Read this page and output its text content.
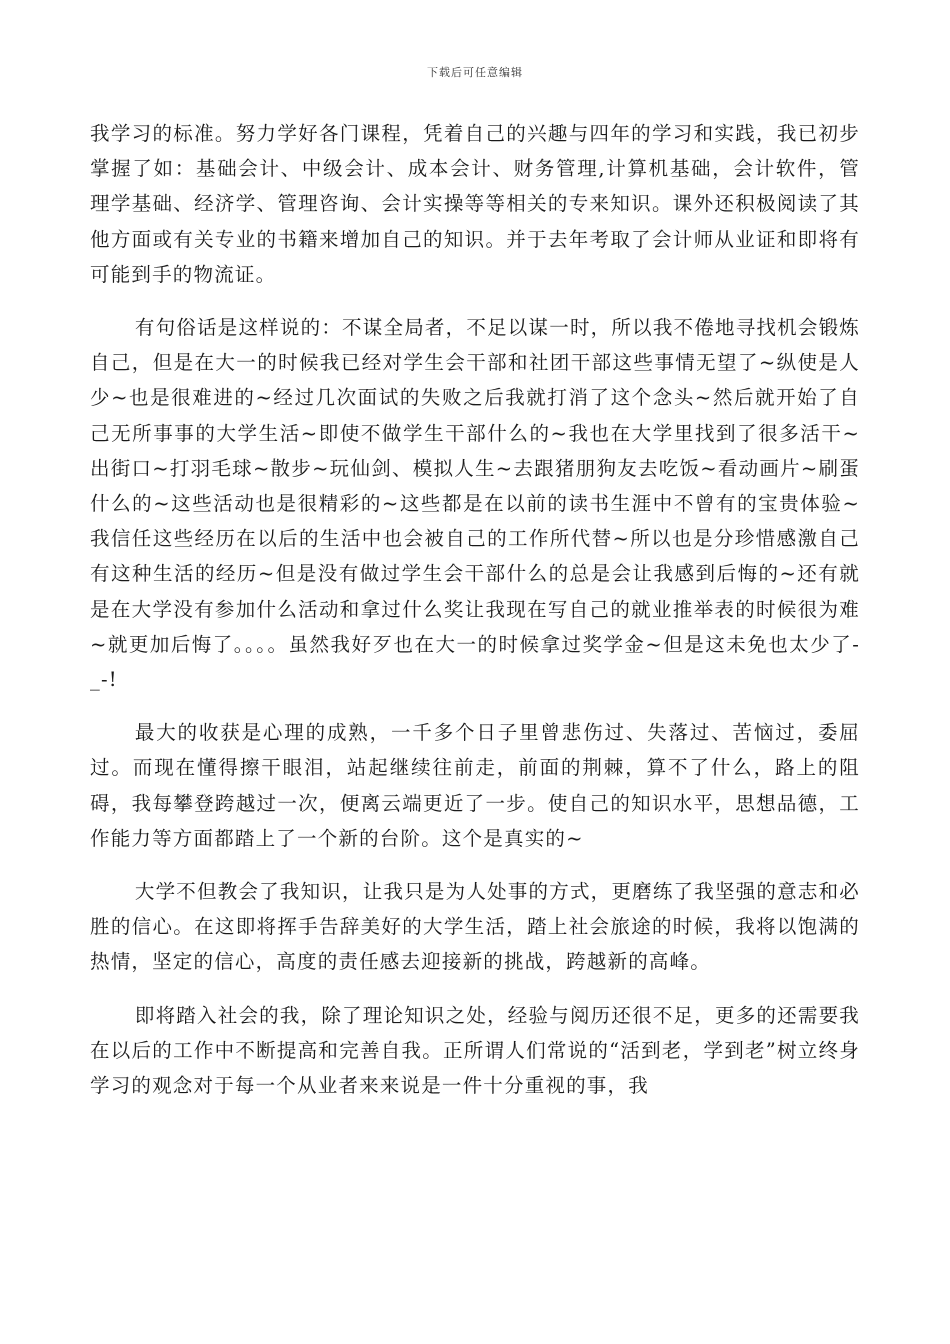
下载后可任意编辑

我学习的标准。努力学好各门课程，凭着自己的兴趣与四年的学习和实践，我已初步掌握了如：基础会计、中级会计、成本会计、财务管理,计算机基础，会计软件，管理学基础、经济学、管理咨询、会计实操等等相关的专来知识。课外还积极阅读了其他方面或有关专业的书籍来增加自己的知识。并于去年考取了会计师从业证和即将有可能到手的物流证。

有句俗话是这样说的：不谋全局者，不足以谋一时，所以我不倦地寻找机会锻炼自己，但是在大一的时候我已经对学生会干部和社团干部这些事情无望了~纵使是人少~也是很难进的~经过几次面试的失败之后我就打消了这个念头~然后就开始了自己无所事事的大学生活~即使不做学生干部什么的~我也在大学里找到了很多活干~出街口~打羽毛球~散步~玩仙剑、模拟人生~去跟猪朋狗友去吃饭~看动画片~刷蛋什么的~这些活动也是很精彩的~这些都是在以前的读书生涯中不曾有的宝贵体验~我信任这些经历在以后的生活中也会被自己的工作所代替~所以也是分珍惜感激自己有这种生活的经历~但是没有做过学生会干部什么的总是会让我感到后悔的~还有就是在大学没有参加什么活动和拿过什么奖让我现在写自己的就业推举表的时候很为难~就更加后悔了。。。。虽然我好歹也在大一的时候拿过奖学金~但是这未免也太少了-_-!

最大的收获是心理的成熟，一千多个日子里曾悲伤过、失落过、苦恼过，委屈过。而现在懂得擦干眼泪，站起继续往前走，前面的荆棘，算不了什么，路上的阻碍，我每攀登跨越过一次，便离云端更近了一步。使自己的知识水平，思想品德，工作能力等方面都踏上了一个新的台阶。这个是真实的~

大学不但教会了我知识，让我只是为人处事的方式，更磨练了我坚强的意志和必胜的信心。在这即将挥手告辞美好的大学生活，踏上社会旅途的时候，我将以饱满的热情，坚定的信心，高度的责任感去迎接新的挑战，跨越新的高峰。

即将踏入社会的我，除了理论知识之处，经验与阅历还很不足，更多的还需要我在以后的工作中不断提高和完善自我。正所谓人们常说的“活到老，学到老”树立终身学习的观念对于每一个从业者来来说是一件十分重视的事，我
